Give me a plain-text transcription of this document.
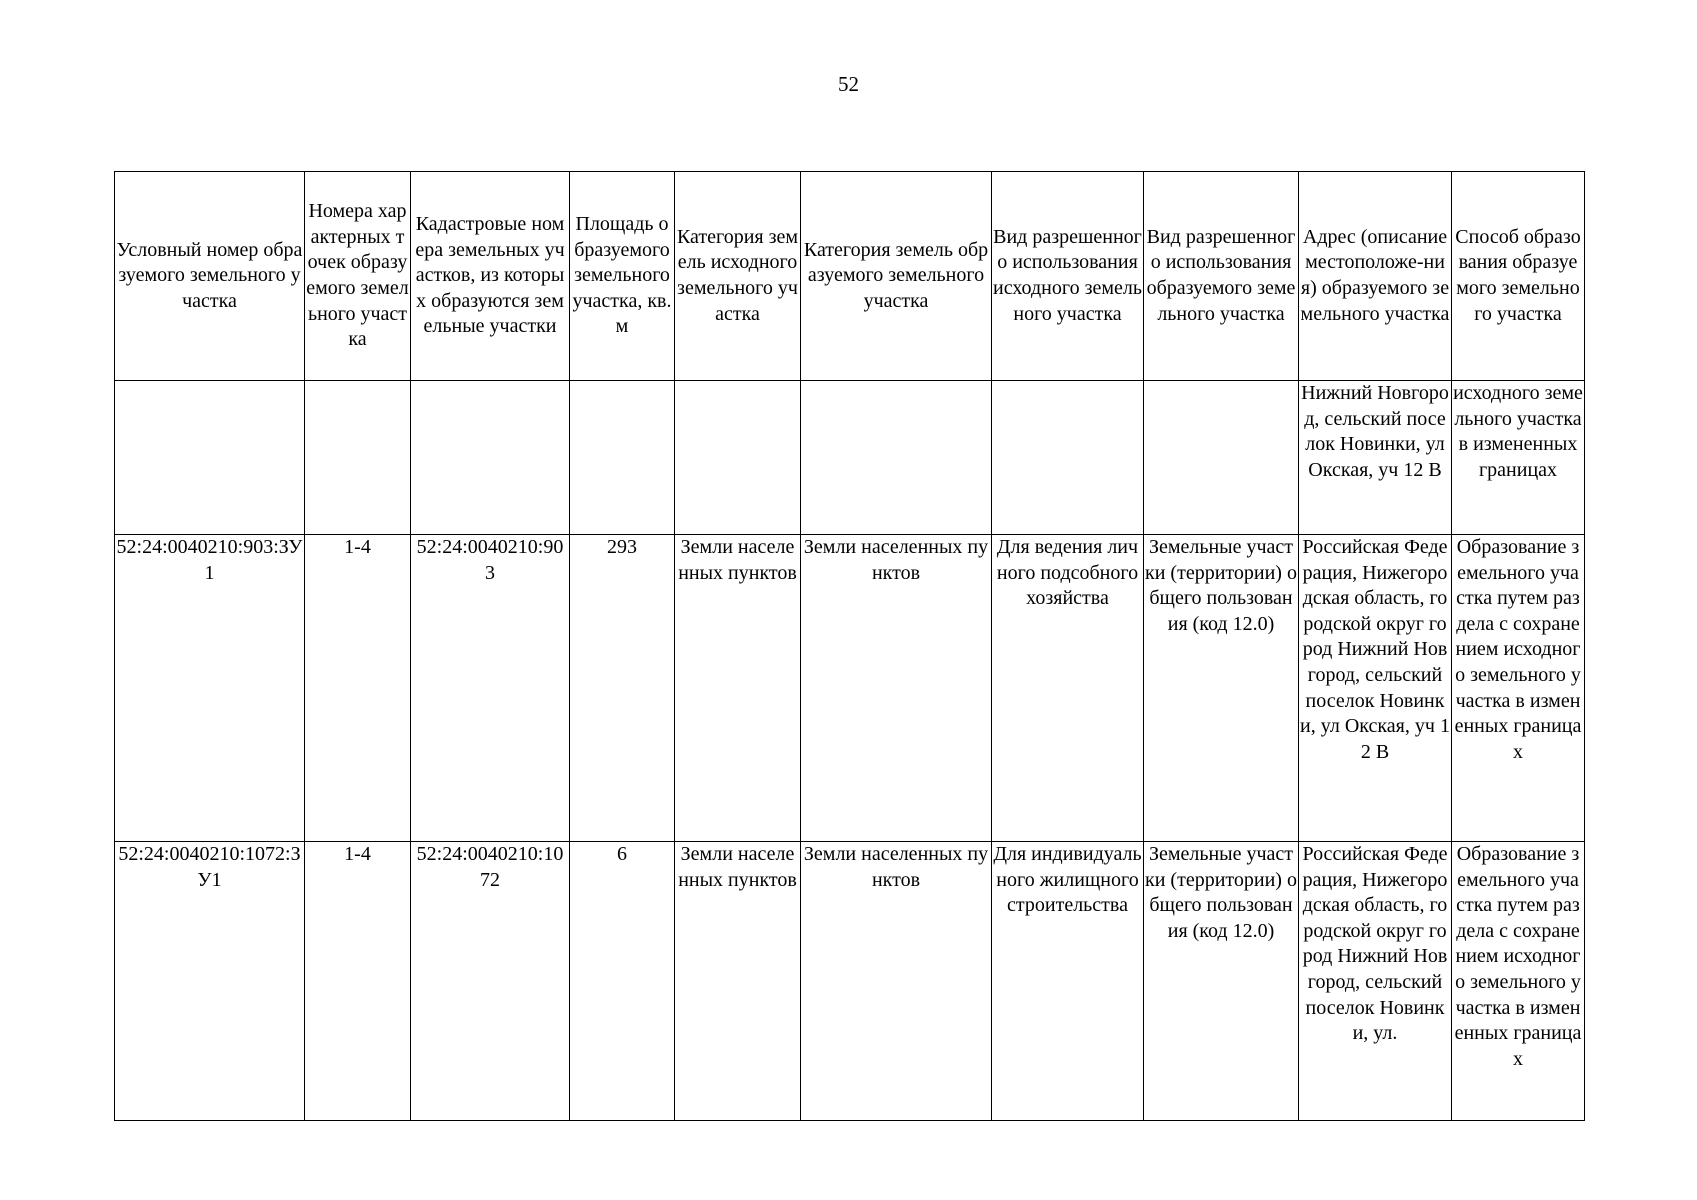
52
Условный номер образуемого земельного участка	Номера характерных точек образуемого земельного участка	Кадастровые номера земельных участков, из которых образуются земельные участки	Площадь образуемого земельного участка, кв.м	Категория земель исходного земельного участка	Категория земель образуемого земельного участка	Вид разрешенного использования исходного земельного участка	Вид разрешенного использования образуемого земельного участка	Адрес (описание местоположе-ния) образуемого земельного участка	Способ образования образуемого земельного участка
								Нижний Новгород, сельский поселок Новинки, ул Окская, уч 12 В	исходного земельного участка в измененных границах
52:24:0040210:903:ЗУ1	1-4	52:24:0040210:903	293	Земли населенных пунктов	Земли населенных пунктов	Для ведения личного подсобного хозяйства	Земельные участки (территории) общего пользования (код 12.0)	Российская Федерация, Нижегородская область, городской округ город Нижний Новгород, сельский поселок Новинки, ул Окская, уч 12 В	Образование земельного участка путем раздела с сохранением исходного земельного участка в измененных границах
52:24:0040210:1072:ЗУ1	1-4	52:24:0040210:1072	6	Земли населенных пунктов	Земли населенных пунктов	Для индивидуального жилищного строительства	Земельные участки (территории) общего пользования (код 12.0)	Российская Федерация, Нижегородская область, городской округ город Нижний Новгород, сельский поселок Новинки, ул.	Образование земельного участка путем раздела с сохранением исходного земельного участка в измененных границах
